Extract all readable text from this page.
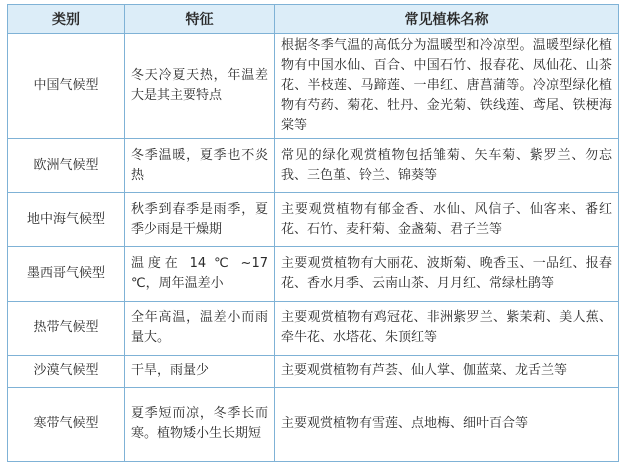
类别	特征	常见植株名称
中国气候型	冬天冷夏天热，年温差大是其主要特点	根据冬季气温的高低分为温暖型和冷凉型。温暖型绿化植物有中国水仙、百合、中国石竹、报春花、凤仙花、山茶花、半枝莲、马蹄莲、一串红、唐菖蒲等。冷凉型绿化植物有芍药、菊花、牡丹、金光菊、铁线莲、鸢尾、铁梗海棠等
欧洲气候型	冬季温暖，夏季也不炎热	常见的绿化观赏植物包括雏菊、矢车菊、紫罗兰、勿忘我、三色堇、铃兰、锦葵等
地中海气候型	秋季到春季是雨季，夏季少雨是干燥期	主要观赏植物有郁金香、水仙、风信子、仙客来、番红花、石竹、麦秆菊、金盏菊、君子兰等
墨西哥气候型	温度在 14 ℃ ~17 ℃，周年温差小	主要观赏植物有大丽花、波斯菊、晚香玉、一品红、报春花、香水月季、云南山茶、月月红、常绿杜鹃等
热带气候型	全年高温，温差小而雨量大。	主要观赏植物有鸡冠花、非洲紫罗兰、紫茉莉、美人蕉、牵牛花、水塔花、朱顶红等
沙漠气候型	干旱，雨量少	主要观赏植物有芦荟、仙人掌、伽蓝菜、龙舌兰等
寒带气候型	夏季短而凉，冬季长而寒。植物矮小生长期短	主要观赏植物有雪莲、点地梅、细叶百合等
